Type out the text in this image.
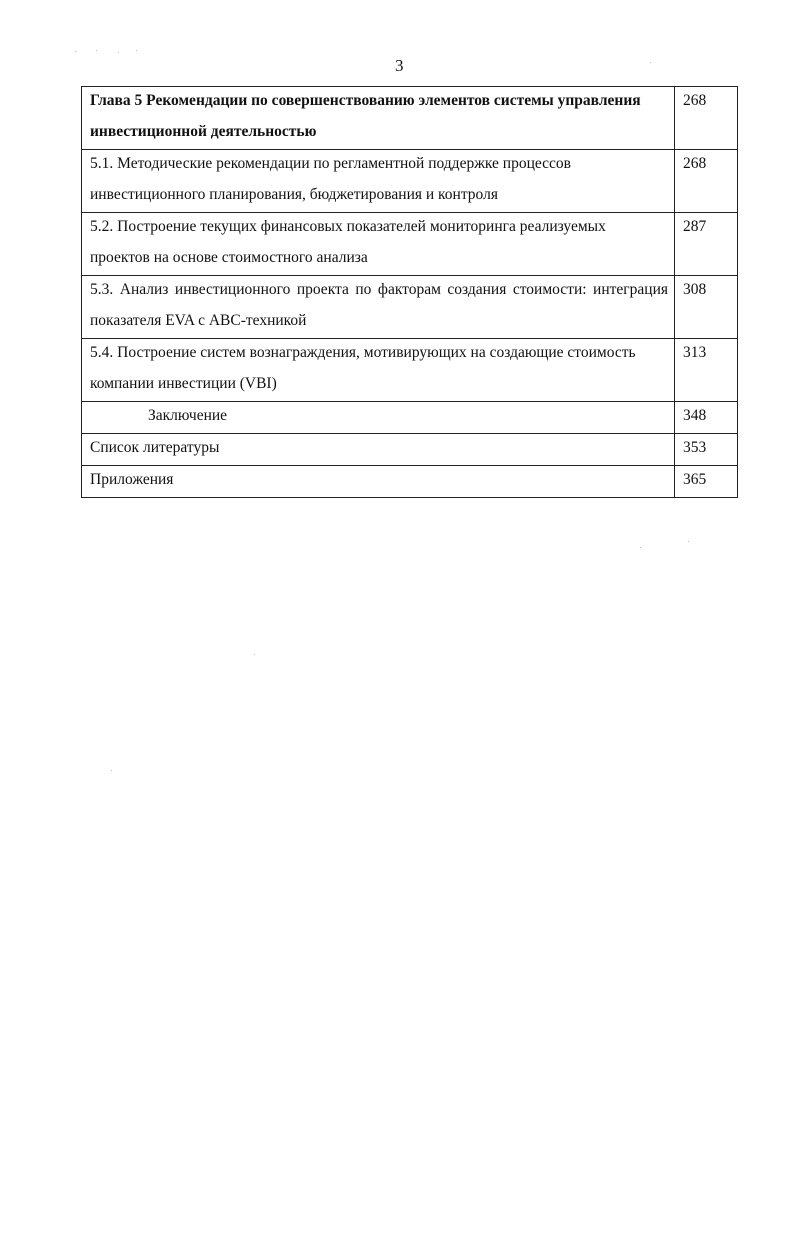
3
Глава 5 Рекомендации по совершенствованию элементов системы управления инвестиционной деятельностью	268

5.1. Методические рекомендации по регламентной поддержке процессов инвестиционного планирования, бюджетирования и контроля	268

5.2. Построение текущих финансовых показателей мониторинга реализуемых проектов на основе стоимостного анализа	287

5.3. Анализ инвестиционного проекта по факторам создания стоимости: интеграция показателя EVA с ABC-техникой	308

5.4. Построение систем вознаграждения, мотивирующих на создающие стоимость компании инвестиции (VBI)	313

Заключение	348

Список литературы	353

Приложения	365
